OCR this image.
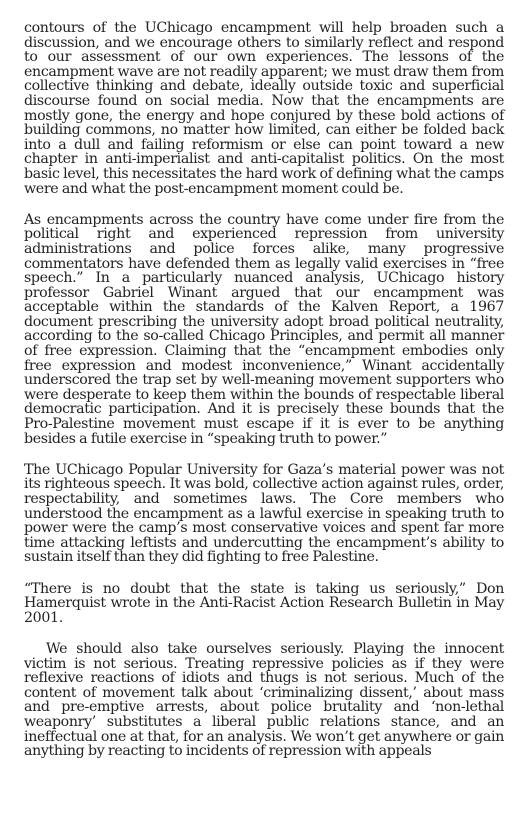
contours of the UChicago encampment will help broaden such a discussion, and we encourage others to similarly reflect and respond to our assessment of our own experiences. The lessons of the encampment wave are not readily apparent; we must draw them from collective thinking and debate, ideally outside toxic and superficial discourse found on social media. Now that the encampments are mostly gone, the energy and hope conjured by these bold actions of building commons, no matter how limited, can either be folded back into a dull and failing reformism or else can point toward a new chapter in anti-imperialist and anti-capitalist politics. On the most basic level, this necessitates the hard work of defining what the camps were and what the post-encampment moment could be.

As encampments across the country have come under fire from the political right and experienced repression from university administrations and police forces alike, many progressive commentators have defended them as legally valid exercises in “free speech.” In a particularly nuanced analysis, UChicago history professor Gabriel Winant argued that our encampment was acceptable within the standards of the Kalven Report, a 1967 document prescribing the university adopt broad political neutrality, according to the so-called Chicago Principles, and permit all manner of free expression. Claiming that the “encampment embodies only free expression and modest inconvenience,” Winant accidentally underscored the trap set by well-meaning movement supporters who were desperate to keep them within the bounds of respectable liberal democratic participation. And it is precisely these bounds that the Pro-Palestine movement must escape if it is ever to be anything besides a futile exercise in “speaking truth to power.”

The UChicago Popular University for Gaza’s material power was not its righteous speech. It was bold, collective action against rules, order, respectability, and sometimes laws. The Core members who understood the encampment as a lawful exercise in speaking truth to power were the camp’s most conservative voices and spent far more time attacking leftists and undercutting the encampment’s ability to sustain itself than they did fighting to free Palestine.

“There is no doubt that the state is taking us seriously,” Don Hamerquist wrote in the Anti-Racist Action Research Bulletin in May 2001.

We should also take ourselves seriously. Playing the innocent victim is not serious. Treating repressive policies as if they were reflexive reactions of idiots and thugs is not serious. Much of the content of movement talk about ‘criminalizing dissent,’ about mass and pre-emptive arrests, about police brutality and ‘non-lethal weaponry’ substitutes a liberal public relations stance, and an ineffectual one at that, for an analysis. We won’t get anywhere or gain anything by reacting to incidents of repression with appeals
